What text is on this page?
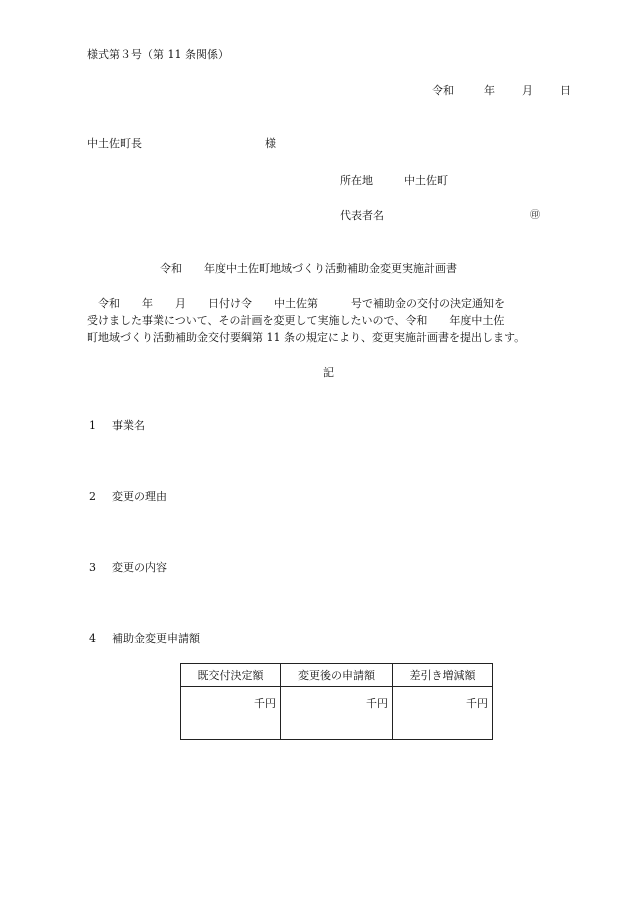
様式第３号（第 11 条関係）
令和	年 月 日
中土佐町長	様
所在地	中土佐町
代表者名	㊞
令和　　年度中土佐町地域づくり活動補助金変更実施計画書
　令和　　年　　月　　日付け令　　中土佐第　　　号で補助金の交付の決定通知を
受けました事業について、その計画を変更して実施したいので、令和　　年度中土佐
町地域づくり活動補助金交付要綱第 11 条の規定により、変更実施計画書を提出します。
記
1 事業名
2 変更の理由
3 変更の内容
4 補助金変更申請額
既交付決定額	変更後の申請額	差引き増減額
千円	千円	千円
